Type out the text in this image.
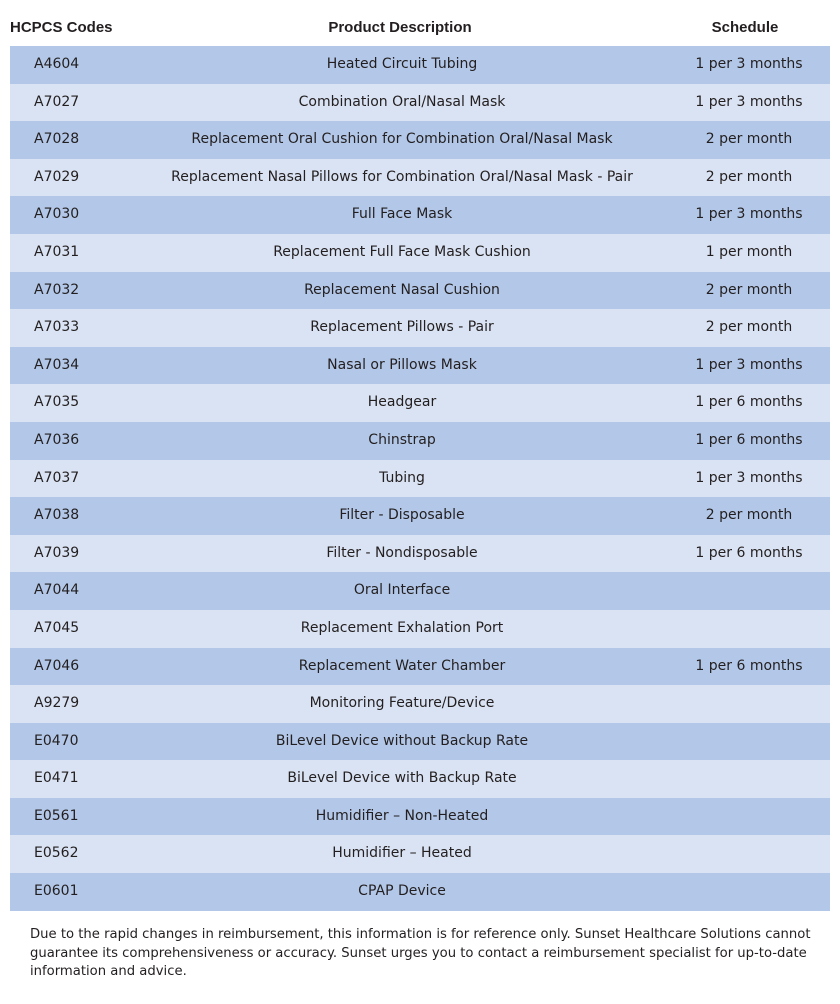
HCPCS Codes	Product Description	Schedule
A4604	Heated Circuit Tubing	1 per 3 months
A7027	Combination Oral/Nasal Mask	1 per 3 months
A7028	Replacement Oral Cushion for Combination Oral/Nasal Mask	2 per month
A7029	Replacement Nasal Pillows for Combination Oral/Nasal Mask - Pair	2 per month
A7030	Full Face Mask	1 per 3 months
A7031	Replacement Full Face Mask Cushion	1 per month
A7032	Replacement Nasal Cushion	2 per month
A7033	Replacement Pillows - Pair	2 per month
A7034	Nasal or Pillows Mask	1 per 3 months
A7035	Headgear	1 per 6 months
A7036	Chinstrap	1 per 6 months
A7037	Tubing	1 per 3 months
A7038	Filter - Disposable	2 per month
A7039	Filter - Nondisposable	1 per 6 months
A7044	Oral Interface
A7045	Replacement Exhalation Port
A7046	Replacement Water Chamber	1 per 6 months
A9279	Monitoring Feature/Device
E0470	BiLevel Device without Backup Rate
E0471	BiLevel Device with Backup Rate
E0561	Humidifier – Non-Heated
E0562	Humidifier – Heated
E0601	CPAP Device
Due to the rapid changes in reimbursement, this information is for reference only. Sunset Healthcare Solutions cannot guarantee its comprehensiveness or accuracy. Sunset urges you to contact a reimbursement specialist for up-to-date information and advice.
